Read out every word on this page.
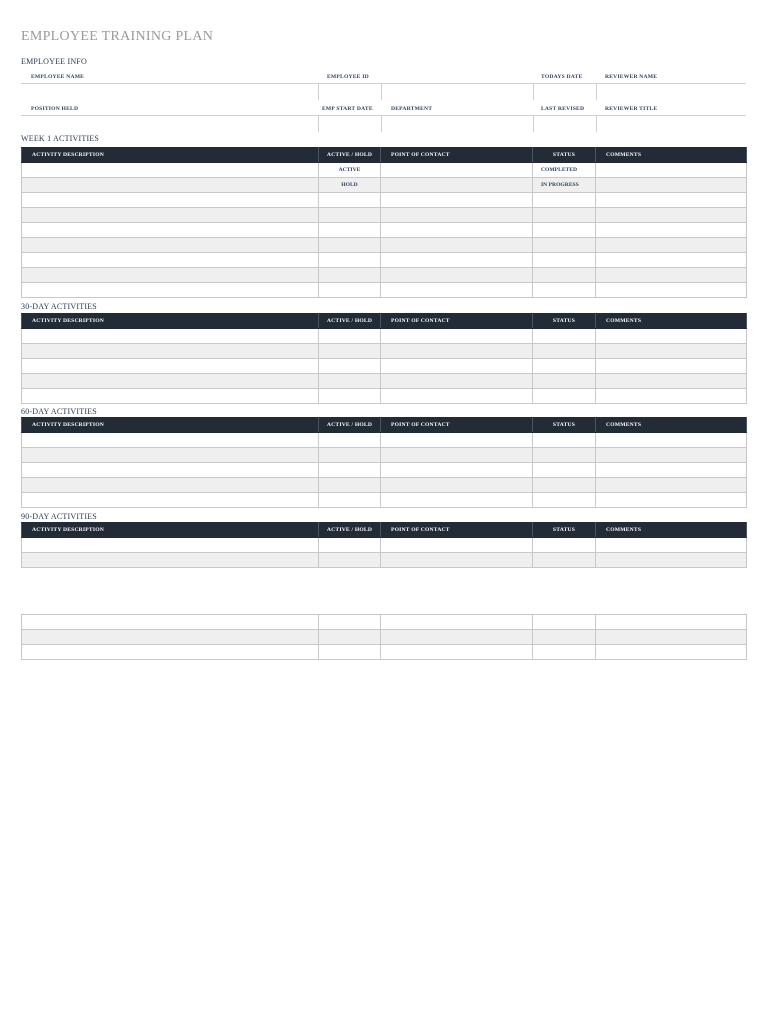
EMPLOYEE TRAINING PLAN
EMPLOYEE INFO
EMPLOYEE NAME	EMPLOYEE ID	TODAYS DATE	REVIEWER NAME
POSITION HELD	EMP START DATE	DEPARTMENT	LAST REVISED	REVIEWER TITLE
WEEK 1 ACTIVITIES
ACTIVITY DESCRIPTION	ACTIVE / HOLD	POINT OF CONTACT	STATUS	COMMENTS
	ACTIVE		COMPLETED	
	HOLD		IN PROGRESS	

30-DAY ACTIVITIES
ACTIVITY DESCRIPTION	ACTIVE / HOLD	POINT OF CONTACT	STATUS	COMMENTS

60-DAY ACTIVITIES
ACTIVITY DESCRIPTION	ACTIVE / HOLD	POINT OF CONTACT	STATUS	COMMENTS

90-DAY ACTIVITIES
ACTIVITY DESCRIPTION	ACTIVE / HOLD	POINT OF CONTACT	STATUS	COMMENTS
